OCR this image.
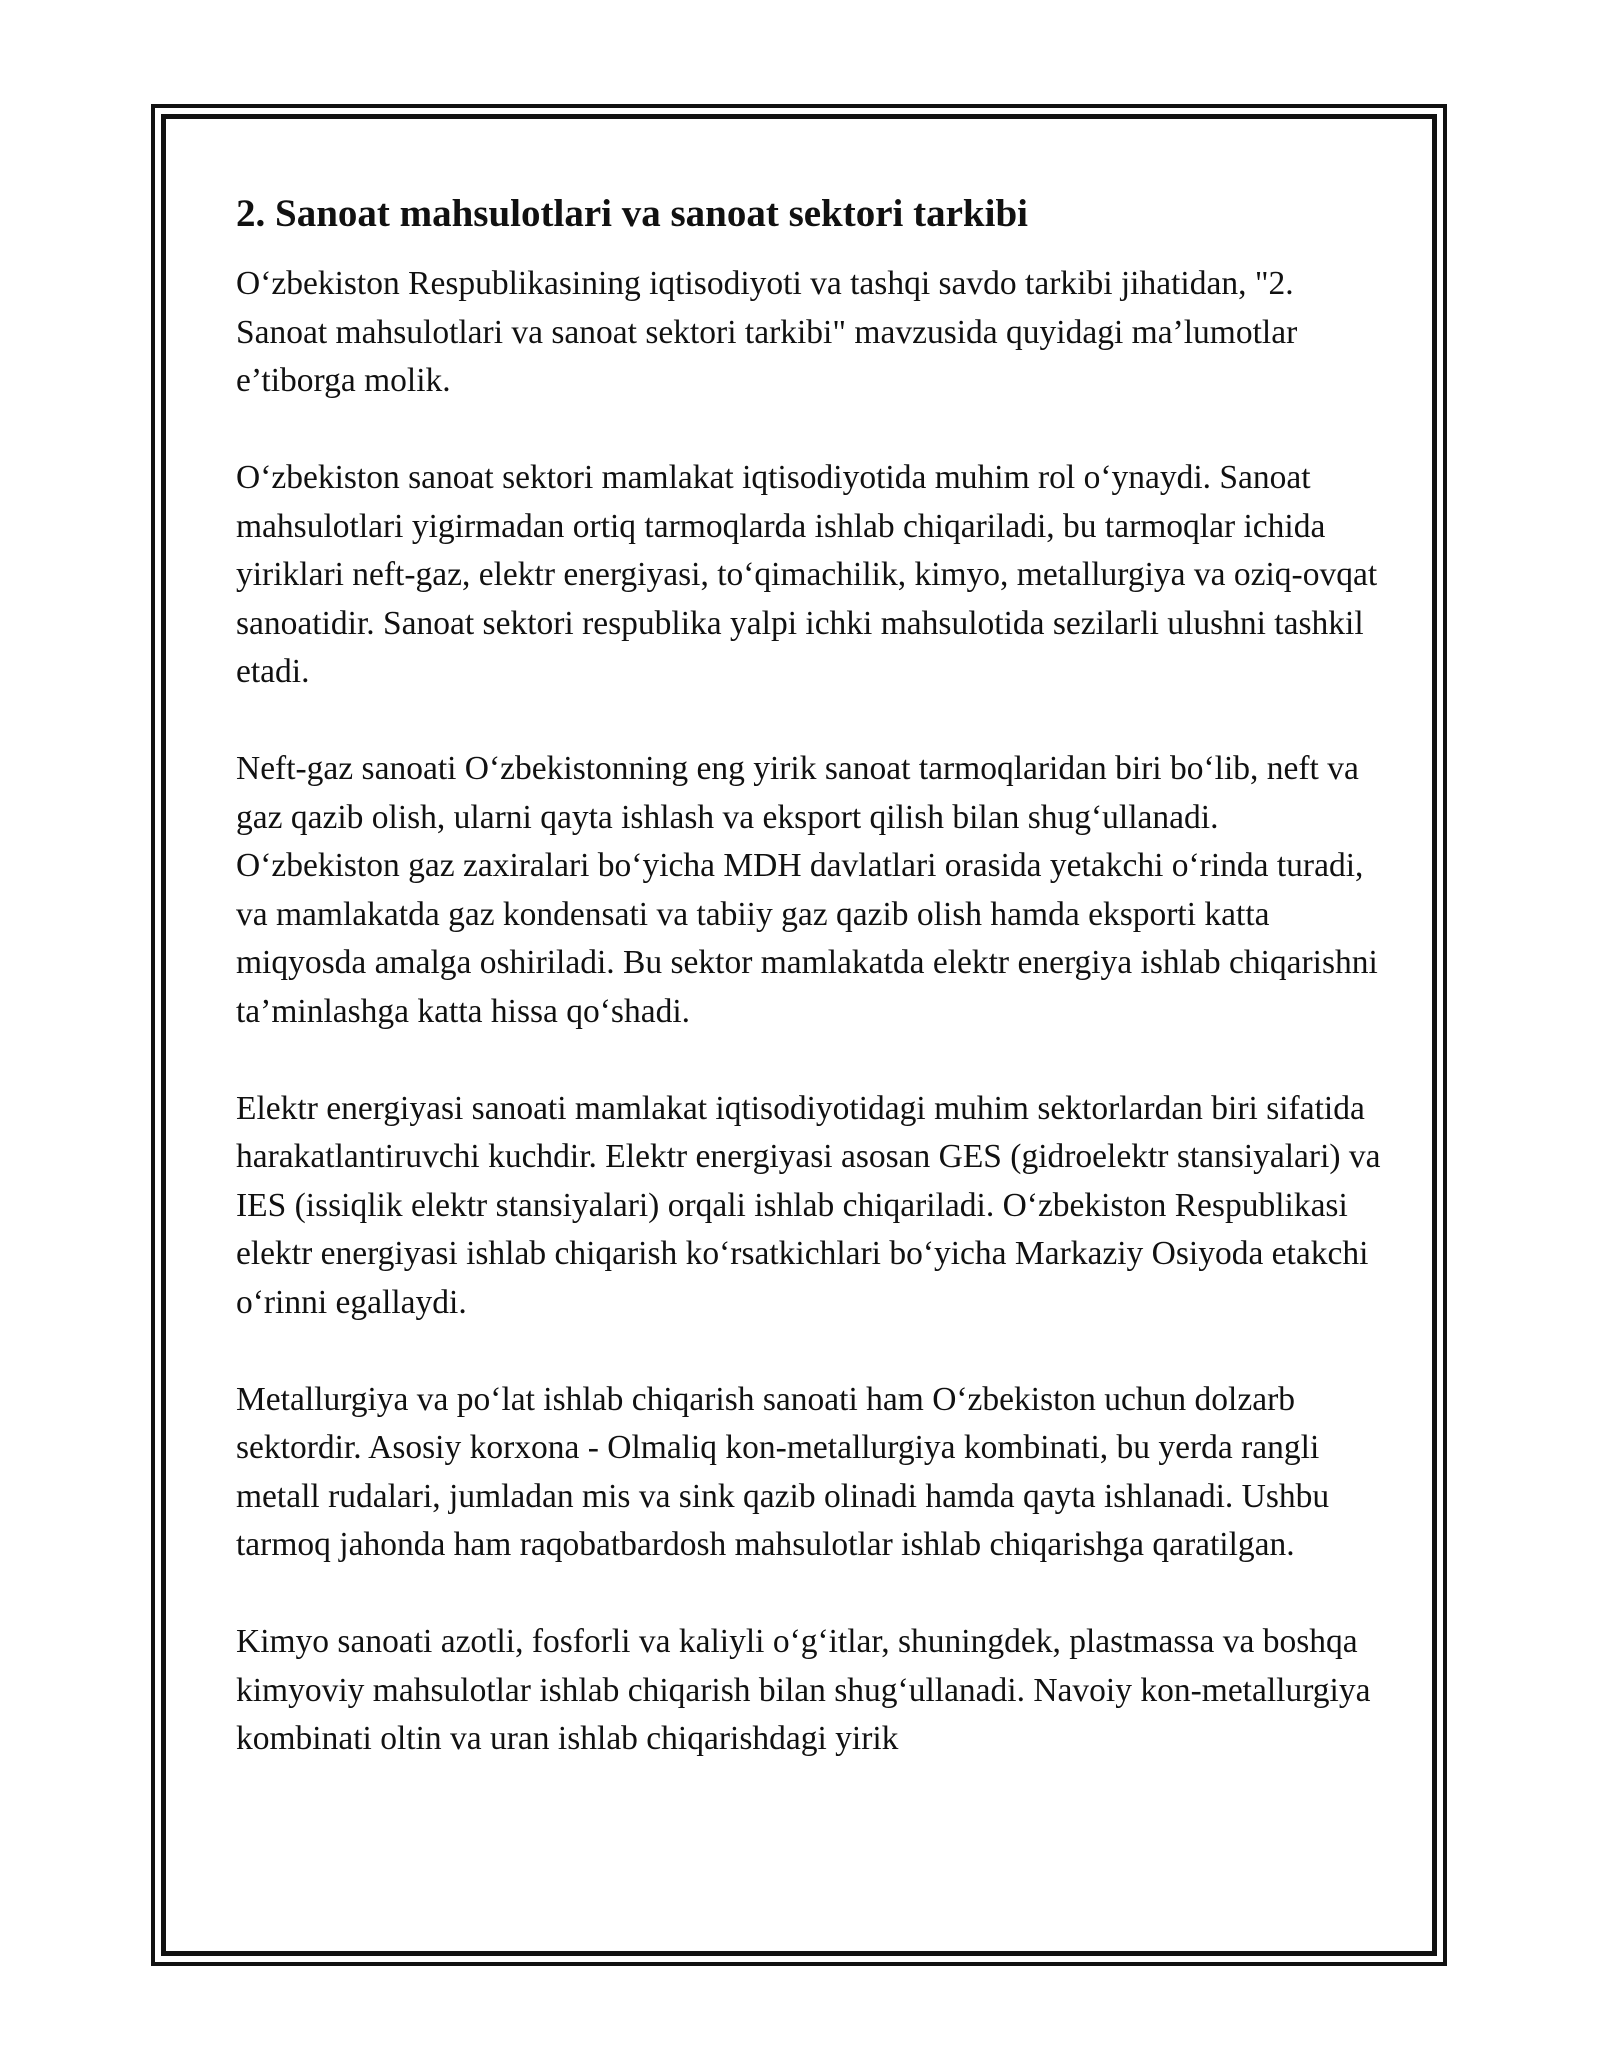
2. Sanoat mahsulotlari va sanoat sektori tarkibi

O‘zbekiston Respublikasining iqtisodiyoti va tashqi savdo tarkibi jihatidan, "2. Sanoat mahsulotlari va sanoat sektori tarkibi" mavzusida quyidagi ma’lumotlar e’tiborga molik.

O‘zbekiston sanoat sektori mamlakat iqtisodiyotida muhim rol o‘ynaydi. Sanoat mahsulotlari yigirmadan ortiq tarmoqlarda ishlab chiqariladi, bu tarmoqlar ichida yiriklari neft-gaz, elektr energiyasi, to‘qimachilik, kimyo, metallurgiya va oziq-ovqat sanoatidir. Sanoat sektori respublika yalpi ichki mahsulotida sezilarli ulushni tashkil etadi.

Neft-gaz sanoati O‘zbekistonning eng yirik sanoat tarmoqlaridan biri bo‘lib, neft va gaz qazib olish, ularni qayta ishlash va eksport qilish bilan shug‘ullanadi. O‘zbekiston gaz zaxiralari bo‘yicha MDH davlatlari orasida yetakchi o‘rinda turadi, va mamlakatda gaz kondensati va tabiiy gaz qazib olish hamda eksporti katta miqyosda amalga oshiriladi. Bu sektor mamlakatda elektr energiya ishlab chiqarishni ta’minlashga katta hissa qo‘shadi.

Elektr energiyasi sanoati mamlakat iqtisodiyotidagi muhim sektorlardan biri sifatida harakatlantiruvchi kuchdir. Elektr energiyasi asosan GES (gidroelektr stansiyalari) va IES (issiqlik elektr stansiyalari) orqali ishlab chiqariladi. O‘zbekiston Respublikasi elektr energiyasi ishlab chiqarish ko‘rsatkichlari bo‘yicha Markaziy Osiyoda etakchi o‘rinni egallaydi.

Metallurgiya va po‘lat ishlab chiqarish sanoati ham O‘zbekiston uchun dolzarb sektordir. Asosiy korxona - Olmaliq kon-metallurgiya kombinati, bu yerda rangli metall rudalari, jumladan mis va sink qazib olinadi hamda qayta ishlanadi. Ushbu tarmoq jahonda ham raqobatbardosh mahsulotlar ishlab chiqarishga qaratilgan.

Kimyo sanoati azotli, fosforli va kaliyli o‘g‘itlar, shuningdek, plastmassa va boshqa kimyoviy mahsulotlar ishlab chiqarish bilan shug‘ullanadi. Navoiy kon-metallurgiya kombinati oltin va uran ishlab chiqarishdagi yirik
